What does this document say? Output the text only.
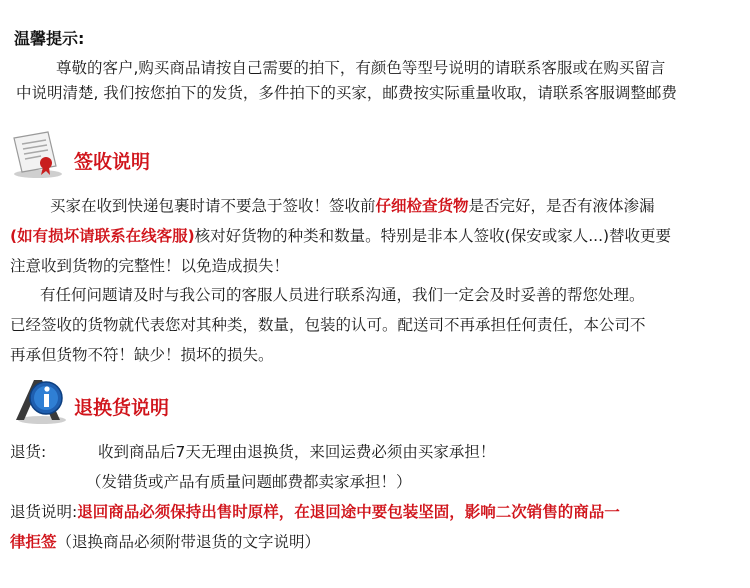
温馨提示:
尊敬的客户,购买商品请按自己需要的拍下，有颜色等型号说明的请联系客服或在购买留言
中说明清楚, 我们按您拍下的发货，多件拍下的买家，邮费按实际重量收取，请联系客服调整邮费
签收说明
买家在收到快递包裹时请不要急于签收！签收前仔细检查货物是否完好，是否有液体渗漏
(如有损坏请联系在线客服)核对好货物的种类和数量。特别是非本人签收(保安或家人...)替收更要
注意收到货物的完整性！以免造成损失！
有任何问题请及时与我公司的客服人员进行联系沟通，我们一定会及时妥善的帮您处理。
已经签收的货物就代表您对其种类，数量，包装的认可。配送司不再承担任何责任，本公司不
再承但货物不符！缺少！损坏的损失。
退换货说明
退货:	收到商品后7天无理由退换货，来回运费必须由买家承担！
（发错货或产品有质量问题邮费都卖家承担！）
退货说明:退回商品必须保持出售时原样，在退回途中要包装坚固，影响二次销售的商品一
律拒签（退换商品必须附带退货的文字说明）
